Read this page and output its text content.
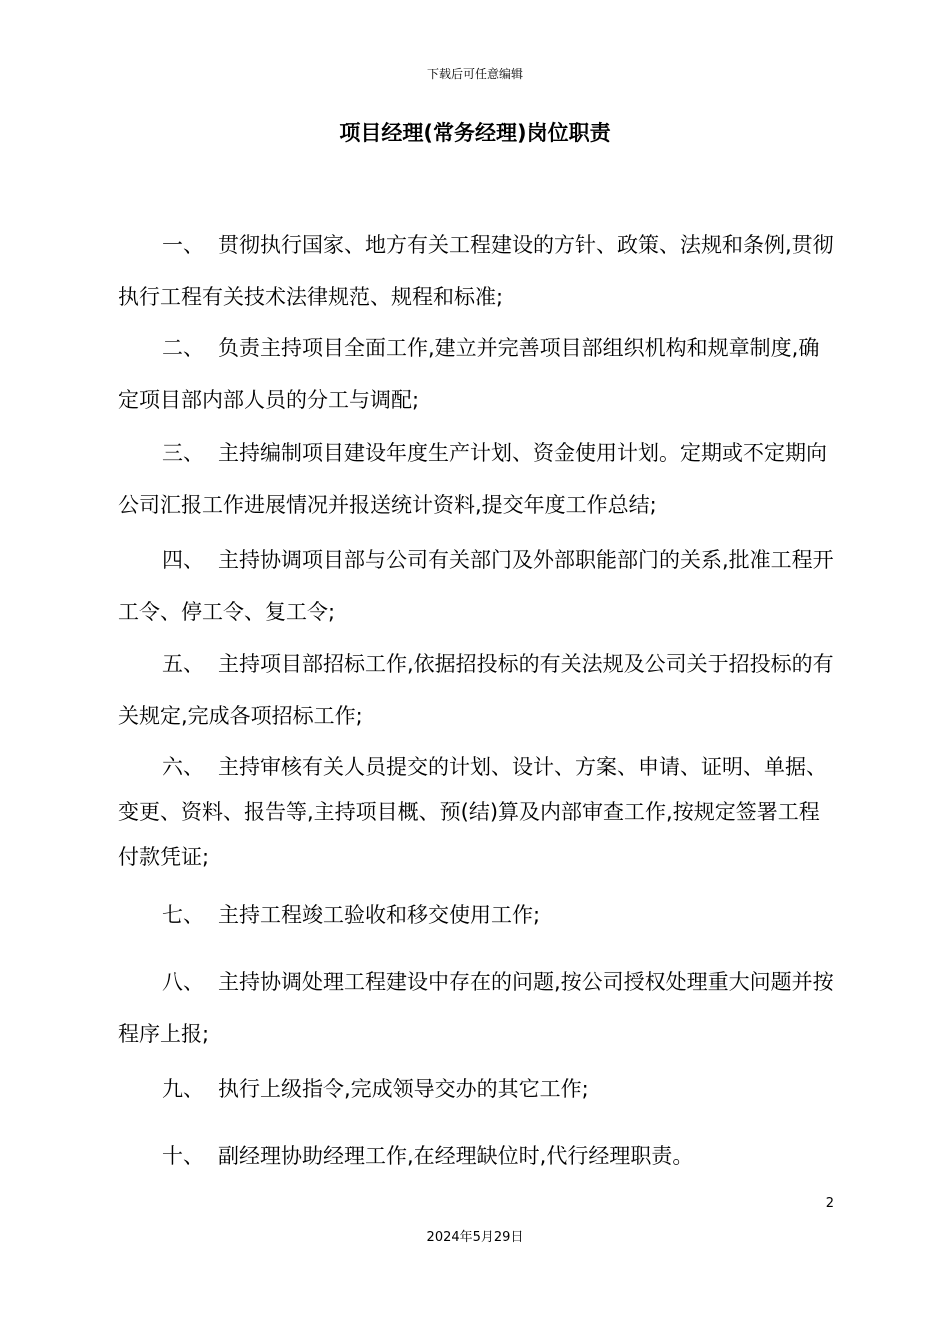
下载后可任意编辑
项目经理(常务经理)岗位职责

一、 贯彻执行国家、地方有关工程建设的方针、政策、法规和条例,贯彻执行工程有关技术法律规范、规程和标准;

二、 负责主持项目全面工作,建立并完善项目部组织机构和规章制度,确定项目部内部人员的分工与调配;

三、 主持编制项目建设年度生产计划、资金使用计划。定期或不定期向公司汇报工作进展情况并报送统计资料,提交年度工作总结;

四、 主持协调项目部与公司有关部门及外部职能部门的关系,批准工程开工令、停工令、复工令;

五、 主持项目部招标工作,依据招投标的有关法规及公司关于招投标的有关规定,完成各项招标工作;

六、 主持审核有关人员提交的计划、设计、方案、申请、证明、单据、变更、资料、报告等,主持项目概、预(结)算及内部审查工作,按规定签署工程付款凭证;

七、 主持工程竣工验收和移交使用工作;

八、 主持协调处理工程建设中存在的问题,按公司授权处理重大问题并按程序上报;

九、 执行上级指令,完成领导交办的其它工作;

十、 副经理协助经理工作,在经理缺位时,代行经理职责。

2
2024年5月29日
